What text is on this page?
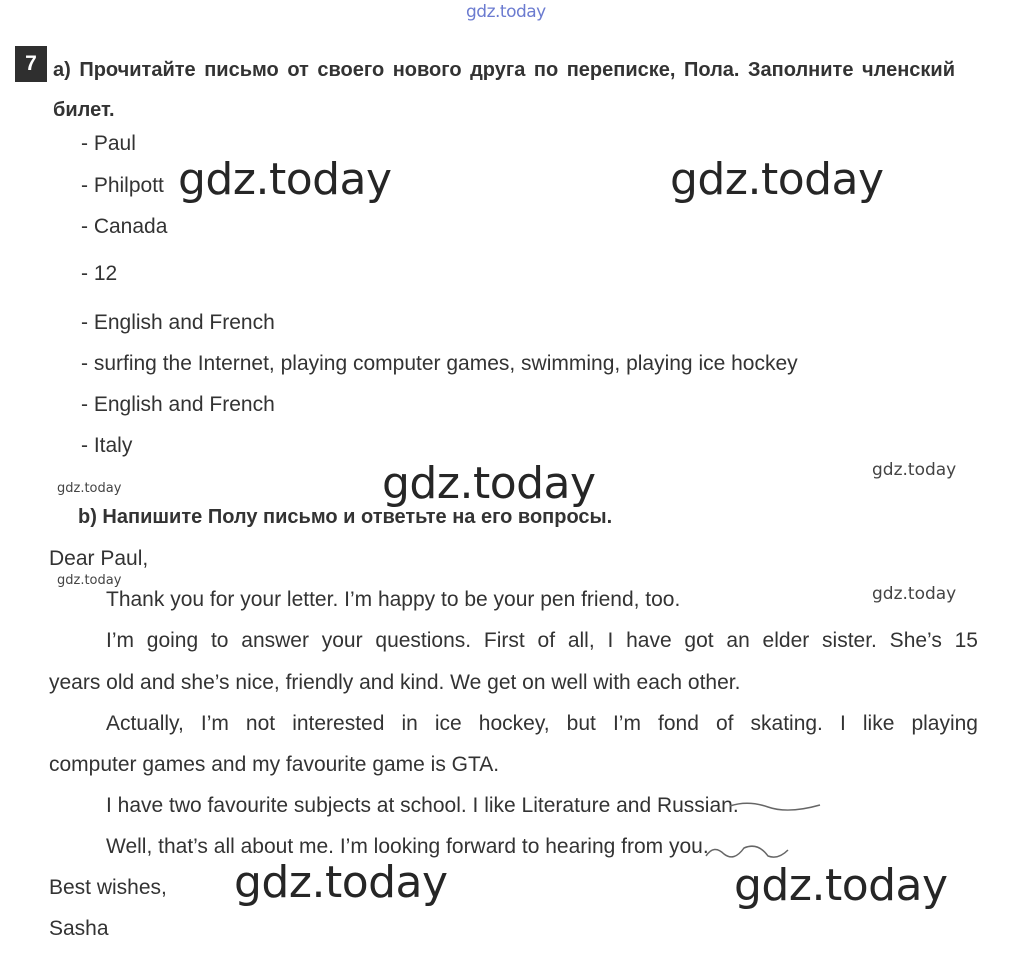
gdz.today
7 a) Прочитайте письмо от своего нового друга по переписке, Пола. Заполните членский билет.
- Paul
- Philpott
- Canada
- 12
- English and French
- surfing the Internet, playing computer games, swimming, playing ice hockey
- English and French
- Italy
b) Напишите Полу письмо и ответьте на его вопросы.
Dear Paul,
Thank you for your letter. I’m happy to be your pen friend, too.
I’m going to answer your questions. First of all, I have got an elder sister. She’s 15
years old and she’s nice, friendly and kind. We get on well with each other.
Actually, I’m not interested in ice hockey, but I’m fond of skating. I like playing
computer games and my favourite game is GTA.
I have two favourite subjects at school. I like Literature and Russian.
Well, that’s all about me. I’m looking forward to hearing from you.
Best wishes,
Sasha
gdz.today	gdz.today
gdz.today
gdz.today	gdz.today
gdz.today
gdz.today
gdz.today
gdz.today
